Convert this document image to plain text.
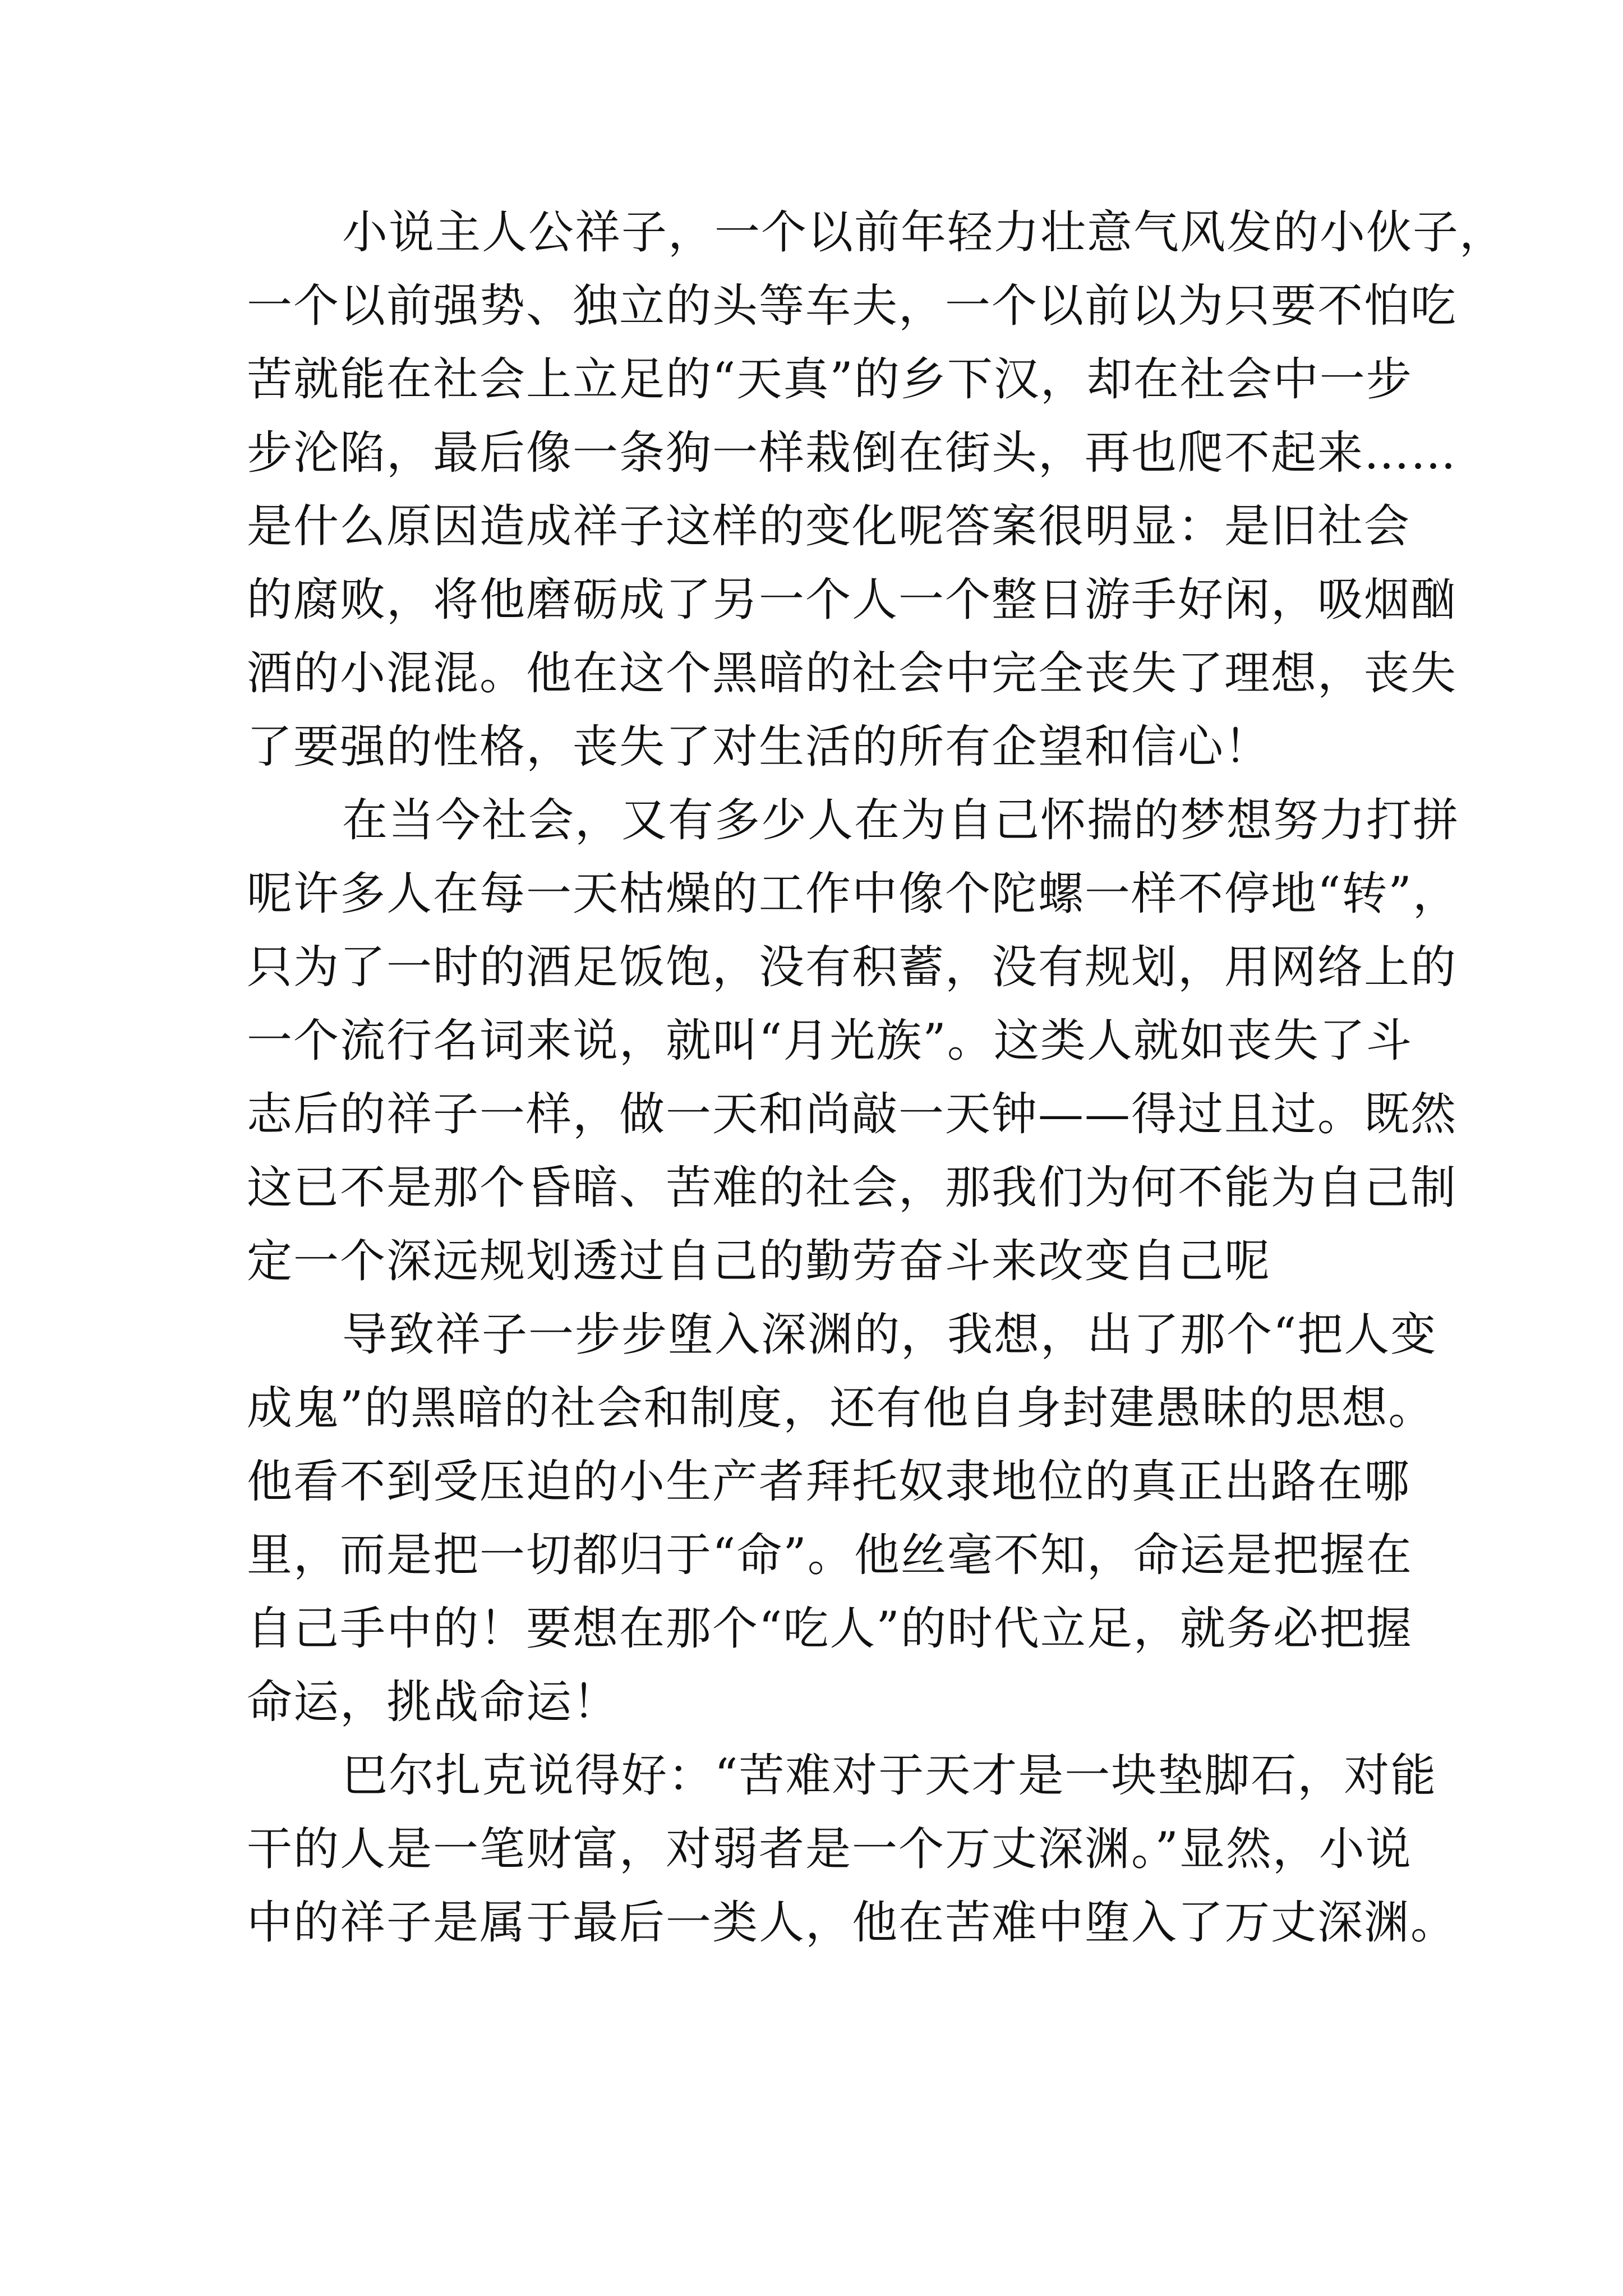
小说主人公祥子，一个以前年轻力壮意气风发的小伙子，
一个以前强势、独立的头等车夫，一个以前以为只要不怕吃
苦就能在社会上立足的“天真”的乡下汉，却在社会中一步
步沦陷，最后像一条狗一样栽倒在街头，再也爬不起来……
是什么原因造成祥子这样的变化呢答案很明显：是旧社会
的腐败，将他磨砺成了另一个人一个整日游手好闲，吸烟酗
酒的小混混。他在这个黑暗的社会中完全丧失了理想，丧失
了要强的性格，丧失了对生活的所有企望和信心！
在当今社会，又有多少人在为自己怀揣的梦想努力打拼
呢许多人在每一天枯燥的工作中像个陀螺一样不停地“转”，
只为了一时的酒足饭饱，没有积蓄，没有规划，用网络上的
一个流行名词来说，就叫“月光族”。这类人就如丧失了斗
志后的祥子一样，做一天和尚敲一天钟——得过且过。既然
这已不是那个昏暗、苦难的社会，那我们为何不能为自己制
定一个深远规划透过自己的勤劳奋斗来改变自己呢
导致祥子一步步堕入深渊的，我想，出了那个“把人变
成鬼”的黑暗的社会和制度，还有他自身封建愚昧的思想。
他看不到受压迫的小生产者拜托奴隶地位的真正出路在哪
里，而是把一切都归于“命”。他丝毫不知，命运是把握在
自己手中的！要想在那个“吃人”的时代立足，就务必把握
命运，挑战命运！
巴尔扎克说得好：“苦难对于天才是一块垫脚石，对能
干的人是一笔财富，对弱者是一个万丈深渊。”显然，小说
中的祥子是属于最后一类人，他在苦难中堕入了万丈深渊。
